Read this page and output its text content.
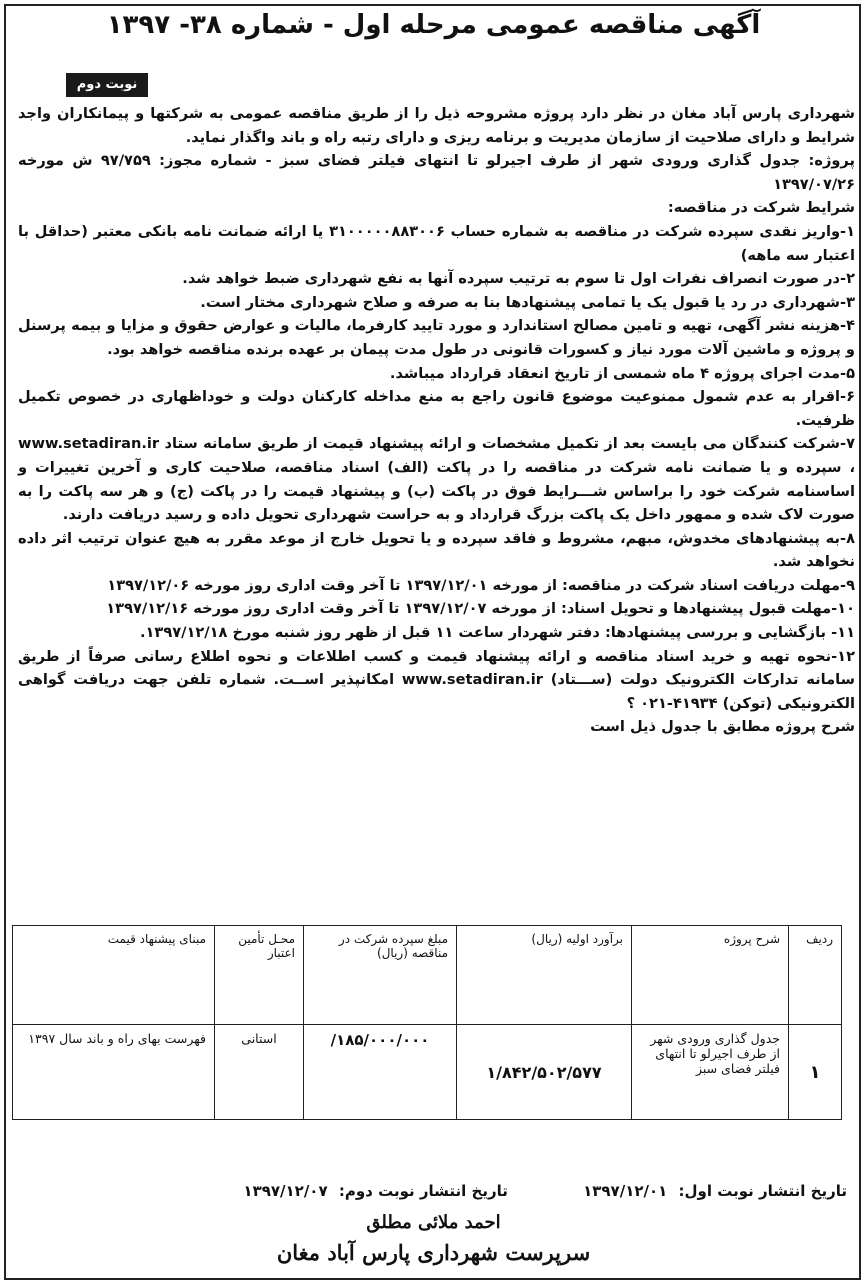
آگهی مناقصه عمومی مرحله اول - شماره ۳۸- ۱۳۹۷
نوبت دوم

شهرداری پارس آباد مغان در نظر دارد پروژه مشروحه ذیل را از طریق مناقصه عمومی به شرکتها و پیمانکاران واجد شرایط و دارای صلاحیت از سازمان مدیریت و برنامه ریزی و دارای رتبه راه و باند واگذار نماید.

پروژه: جدول گذاری ورودی شهر از طرف اجیرلو تا انتهای فیلتر فضای سبز - شماره مجوز: ۹۷/۷۵۹ ش مورخه ۱۳۹۷/۰۷/۲۶

شرایط شرکت در مناقصه:

۱-واریز نقدی سپرده شرکت در مناقصه به شماره حساب ۳۱۰۰۰۰۰۸۸۳۰۰۶ یا ارائه ضمانت نامه بانکی معتبر (حداقل با اعتبار سه ماهه)

۲-در صورت انصراف نفرات اول تا سوم به ترتیب سپرده آنها به نفع شهرداری ضبط خواهد شد.

۳-شهرداری در رد یا قبول یک یا تمامی پیشنهادها بنا به صرفه و صلاح شهرداری مختار است.

۴-هزینه نشر آگهی، تهیه و تامین مصالح استاندارد و مورد تایید کارفرما، مالیات و عوارض حقوق و مزایا و بیمه پرسنل و پروژه و ماشین آلات مورد نیاز و کسورات قانونی در طول مدت پیمان بر عهده برنده مناقصه خواهد بود.

۵-مدت اجرای پروژه ۴ ماه شمسی از تاریخ انعقاد قرارداد میباشد.

۶-اقرار به عدم شمول ممنوعیت موضوع قانون راجع به منع مداخله کارکنان دولت و خوداظهاری در خصوص تکمیل ظرفیت.

۷-شرکت کنندگان می بایست بعد از تکمیل مشخصات و ارائه پیشنهاد قیمت از طریق سامانه ستاد www.setadiran.ir ، سپرده و یا ضمانت نامه شرکت در مناقصه را در پاکت (الف) اسناد مناقصه، صلاحیت کاری و آخرین تغییرات و اساسنامه شرکت خود را براساس شـــرایط فوق در پاکت (ب) و پیشنهاد قیمت را در پاکت (ج) و هر سه پاکت را به صورت لاک شده و ممهور داخل یک پاکت بزرگ قرارداد و به حراست شهرداری تحویل داده و رسید دریافت دارند.

۸-به پیشنهادهای مخدوش، مبهم، مشروط و فاقد سپرده و یا تحویل خارج از موعد مقرر به هیچ عنوان ترتیب اثر داده نخواهد شد.

۹-مهلت دریافت اسناد شرکت در مناقصه: از مورخه ۱۳۹۷/۱۲/۰۱ تا آخر وقت اداری روز مورخه ۱۳۹۷/۱۲/۰۶

۱۰-مهلت قبول پیشنهادها و تحویل اسناد: از مورخه ۱۳۹۷/۱۲/۰۷ تا آخر وقت اداری روز مورخه ۱۳۹۷/۱۲/۱۶

۱۱- بازگشایی و بررسی پیشنهادها: دفتر شهردار ساعت ۱۱ قبل از ظهر روز شنبه مورخ ۱۳۹۷/۱۲/۱۸.

۱۲-نحوه تهیه و خرید اسناد مناقصه و ارائه پیشنهاد قیمت و کسب اطلاعات و نحوه اطلاع رسانی صرفاً از طریق سامانه تدارکات الکترونیک دولت (ســـتاد) www.setadiran.ir امکانپذیر اســت. شماره تلفن جهت دریافت گواهی الکترونیکی (توکن) ۴۱۹۳۴-۰۲۱ ؟

شرح پروژه مطابق با جدول ذیل است

ردیف	شرح پروژه	برآورد اولیه (ریال)	مبلغ سپرده شرکت در مناقصه (ریال)	محـل تأمین اعتبار	مبنای پیشنهاد قیمت
۱	جدول گذاری ورودی شهر از طرف اجیرلو تا انتهای فیلتر فضای سبز	۱/۸۴۲/۵۰۲/۵۷۷	۱۸۵/۰۰۰/۰۰۰/	استانی	فهرست بهای راه و باند سال ۱۳۹۷
تاریخ انتشار نوبت اول: ۱۳۹۷/۱۲/۰۱ تاریخ انتشار نوبت دوم: ۱۳۹۷/۱۲/۰۷
احمد ملائی مطلق
سرپرست شهرداری پارس آباد مغان
